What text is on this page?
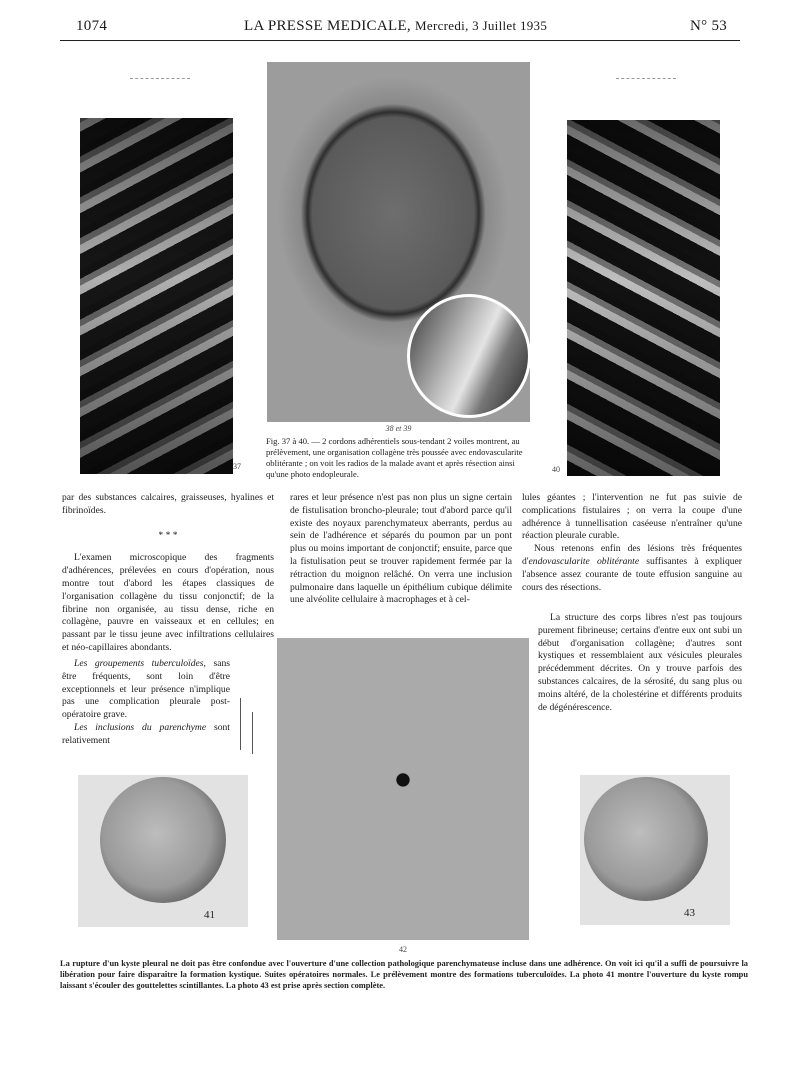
1074	LA PRESSE MEDICALE, Mercredi, 3 Juillet 1935	N° 53
37
38 et 39
Fig. 37 à 40. — 2 cordons adhérentiels sous-tendant 2 voiles montrent, au prélèvement, une organisation collagène très poussée avec endovascularite oblitérante ; on voit les radios de la malade avant et après résection ainsi qu'une photo endopleurale.	40

par des substances calcaires, graisseuses, hyalines et fibrinoïdes.

* * *

L'examen microscopique des fragments d'adhérences, prélevées en cours d'opération, nous montre tout d'abord les étapes classiques de l'organisation collagène du tissu conjonctif; de la fibrine non organisée, au tissu dense, riche en collagène, pauvre en vaisseaux et en cellules; en passant par le tissu jeune avec infiltrations cellulaires et néo-capillaires abondants.

Les groupements tuberculoïdes, sans être fréquents, sont loin d'être exceptionnels et leur présence n'implique pas une complication pleurale post-opératoire grave.

Les inclusions du parenchyme sont relativement

rares et leur présence n'est pas non plus un signe certain de fistulisation broncho-pleurale; tout d'abord parce qu'il existe des noyaux parenchymateux aberrants, perdus au sein de l'adhérence et séparés du poumon par un pont plus ou moins important de conjonctif; ensuite, parce que la fistulisation peut se trouver rapidement fermée par la rétraction du moignon relâché. On verra une inclusion pulmonaire dans laquelle un épithélium cubique délimite une alvéolite cellulaire à macrophages et à cel-

lules géantes ; l'intervention ne fut pas suivie de complications fistulaires ; on verra la coupe d'une adhérence à tunnellisation caséeuse n'entraîner qu'une réaction pleurale curable.

Nous retenons enfin des lésions très fréquentes d'endovascularite oblitérante suffisantes à expliquer l'absence assez courante de toute effusion sanguine au cours des résections.

La structure des corps libres n'est pas toujours purement fibrineuse; certains d'entre eux ont subi un début d'organisation collagène; d'autres sont kystiques et ressemblaient aux vésicules pleurales précédemment décrites. On y trouve parfois des substances calcaires, de la sérosité, du sang plus ou moins altéré, de la cholestérine et différents produits de dégénérescence.

42
41	43
La rupture d'un kyste pleural ne doit pas être confondue avec l'ouverture d'une collection pathologique parenchymateuse incluse dans une adhérence. On voit ici qu'il a suffi de poursuivre la libération pour faire disparaître la formation kystique. Suites opératoires normales. Le prélèvement montre des formations tuberculoïdes. La photo 41 montre l'ouverture du kyste rompu laissant s'écouler des gouttelettes scintillantes. La photo 43 est prise après section complète.
